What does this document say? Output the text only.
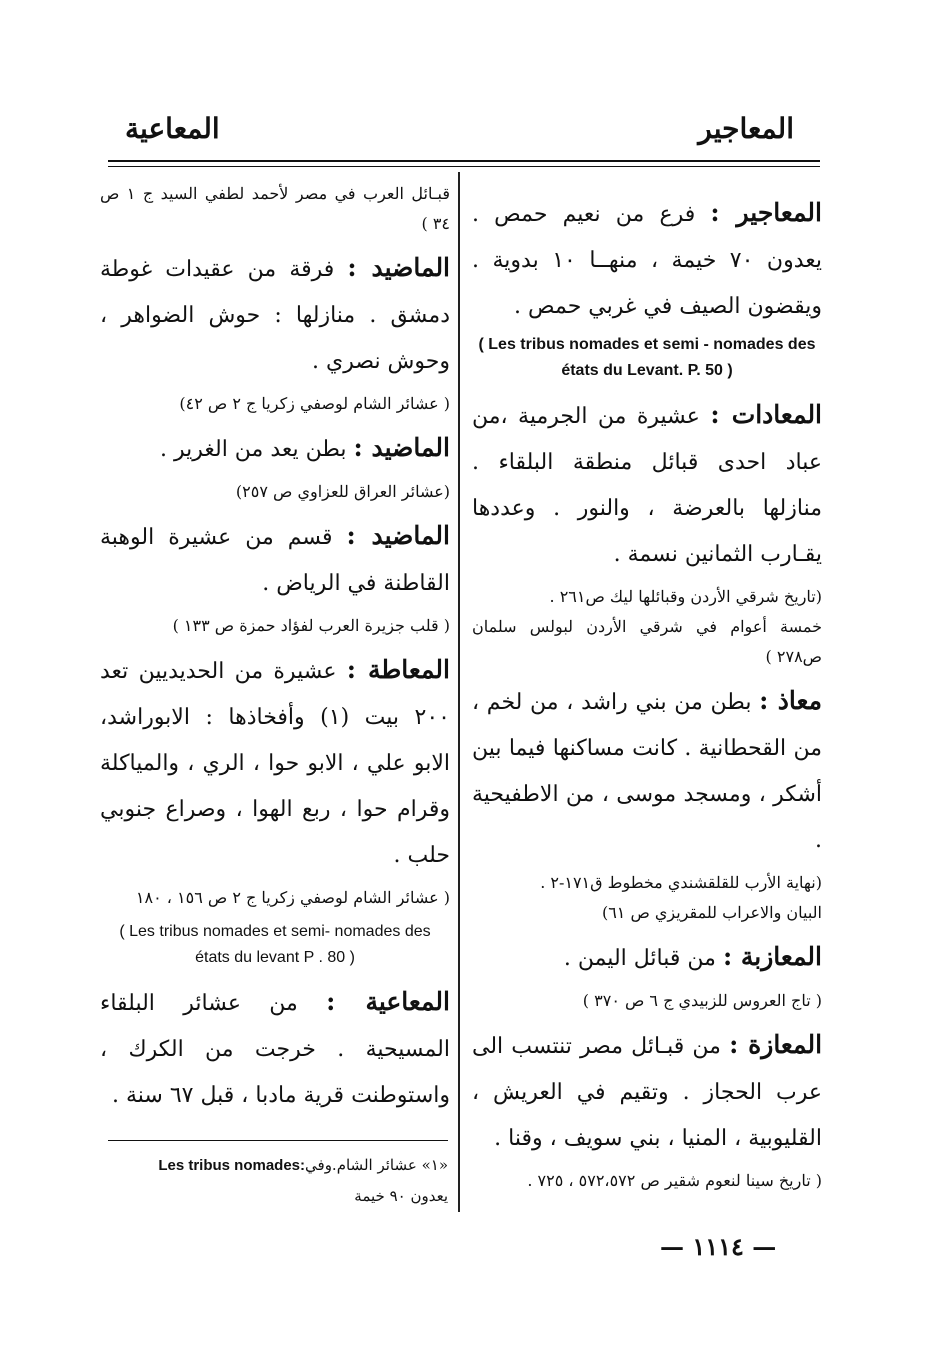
المعاجير
المعاعية

المعاجير : فرع من نعيم حمص . يعدون ٧٠ خيمة ، منهــا ١٠ بدوية . ويقضون الصيف في غربي حمص .

( Les tribus nomades et semi - nomades des états du Levant. P. 50 )

المعادات : عشيرة من الجرمية ،من عباد احدى قبائل منطقة البلقاء . منازلها بالعرضة ، والنور . وعددها يقـارب الثمانين نسمة .

(تاريخ شرقي الأردن وقبائلها ليك ص٢٦١ .
خمسة أعوام في شرقي الأردن لبولس سلمان ص٢٧٨ )

معاذ : بطن من بني راشد ، من لخم ، من القحطانية . كانت مساكنها فيما بين أشكر ، ومسجد موسى ، من الاطفيحية .

(نهاية الأرب للقلقشندي مخطوط ق١٧١-٢ .
البيان والاعراب للمقريزي ص ٦١)

المعازبة : من قبائل اليمن .

( تاج العروس للزبيدي ج ٦ ص ٣٧٠ )

المعازة : من قبـائل مصر تنتسب الى عرب الحجاز . وتقيم في العريش ، القليوبية ، المنيا ، بني سويف ، وقنا .

( تاريخ سينا لنعوم شقير ص ٥٧٢،٥٧٢ ، ٧٢٥ .
قبـائل العرب في مصر لأحمد لطفي السيد ج ١ ص ٣٤ )

الماضيد : فرقة من عقيدات غوطة دمشق . منازلها : حوش الضواهر ، وحوش نصري .

( عشائر الشام لوصفي زكريا ج ٢ ص ٤٢)

الماضيد : بطن يعد من الغرير .

(عشائر العراق للعزاوي ص ٢٥٧)

الماضيد : قسم من عشيرة الوهبة القاطنة في الرياض .

( قلب جزيرة العرب لفؤاد حمزة ص ١٣٣ )

المعاطة : عشيرة من الحديديين تعد ٢٠٠ بيت (١) وأفخاذها : الابوراشد، الابو علي ، الابو حوا ، الري ، والمياكلة وقرام حوا ، ربع الهوا ، وصراع جنوبي حلب .

( عشائر الشام لوصفي زكريا ج ٢ ص ١٥٦ ، ١٨٠
( Les tribus nomades et semi- nomades des états du levant P . 80 )

المعاعية : من عشائر البلقاء المسيحية . خرجت من الكرك ، واستوطنت قرية مادبا ، قبل ٦٧ سنة .

«١» عشائر الشام.وفيLes tribus nomades:
يعدون ٩٠ خيمة
— ١١١٤ —
